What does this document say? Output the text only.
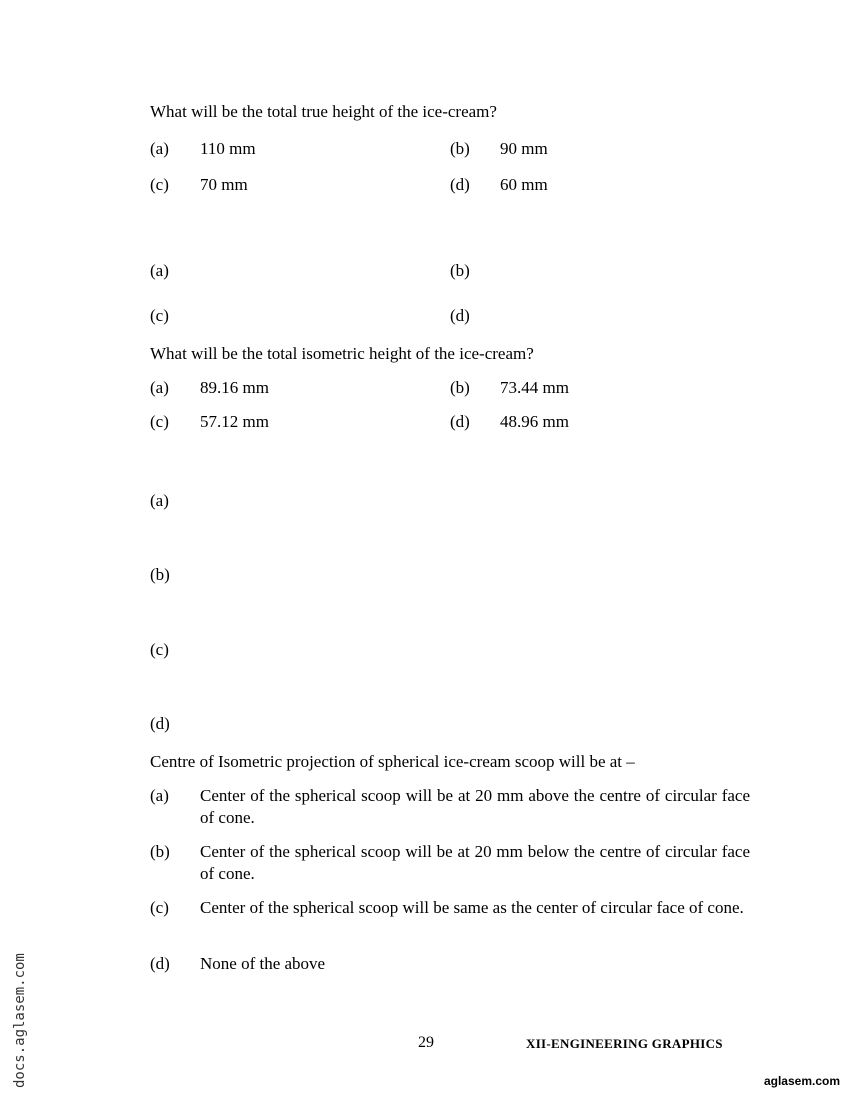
What will be the total true height of the ice-cream?
(a) 110 mm	(b) 90 mm
(c) 70 mm	(d) 60 mm
(a)	(b)
(c)	(d)
What will be the total isometric height of the ice-cream?
(a) 89.16 mm	(b) 73.44 mm
(c) 57.12 mm	(d) 48.96 mm
(a)
(b)
(c)
(d)
Centre of Isometric projection of spherical ice-cream scoop will be at –
(a) Center of the spherical scoop will be at 20 mm above the centre of circular face of cone.
(b) Center of the spherical scoop will be at 20 mm below the centre of circular face of cone.
(c) Center of the spherical scoop will be same as the center of circular face of cone.
(d) None of the above
29	XII-ENGINEERING GRAPHICS
docs.aglasem.com	aglasem.com
